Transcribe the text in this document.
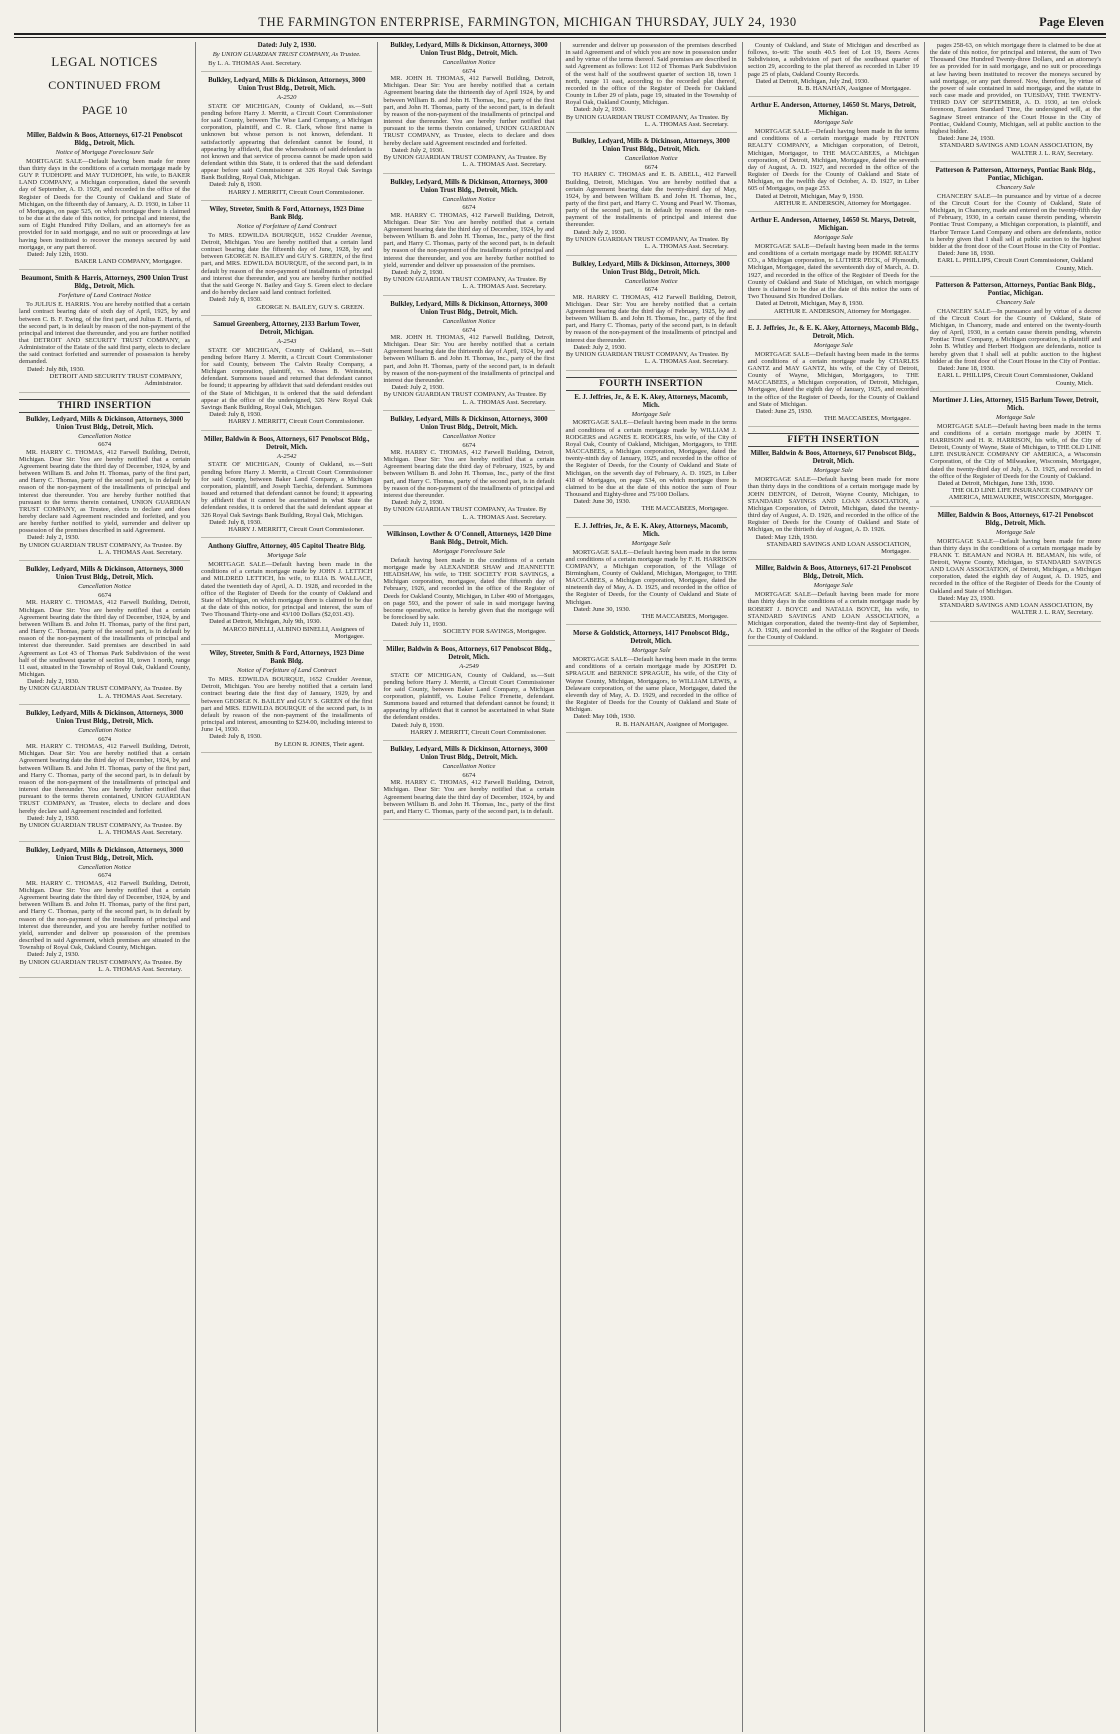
THE FARMINGTON ENTERPRISE, FARMINGTON, MICHIGAN THURSDAY, JULY 24, 1930	Page Eleven
LEGAL NOTICES
CONTINUED FROM
PAGE 10
Miller, Baldwin & Boos, Attorneys, 617-21 Penobscot Bldg., Detroit, Mich.
Notice of Mortgage Foreclosure Sale

MORTGAGE SALE—Default having been made for more than thirty days in the conditions of a certain mortgage made by GUY P. TUDHOPE and MAY TUDHOPE, his wife, to BAKER LAND COMPANY, a Michigan corporation, dated the seventh day of September, A. D. 1929, and recorded in the office of the Register of Deeds for the County of Oakland and State of Michigan, on the fifteenth day of January, A. D. 1930, in Liber 11 of Mortgages, on page 525, on which mortgage there is claimed to be due at the date of this notice, for principal and interest, the sum of Eight Hundred Fifty Dollars, and an attorney's fee as provided for in said mortgage, and no suit or proceedings at law having been instituted to recover the moneys secured by said mortgage, or any part thereof.

Dated: July 12th, 1930.
BAKER LAND COMPANY, Mortgagee.
Beaumont, Smith & Harris, Attorneys, 2900 Union Trust Bldg., Detroit, Mich.
Forfeiture of Land Contract Notice

To JULIUS E. HARRIS. You are hereby notified that a certain land contract bearing date of sixth day of April, 1925, by and between C. B. F. Ewing, of the first part, and Julius E. Harris, of the second part, is in default by reason of the non-payment of the principal and interest due thereunder, and you are further notified that DETROIT AND SECURITY TRUST COMPANY, as Administrator of the Estate of the said first party, elects to declare the said contract forfeited and surrender of possession is hereby demanded.

Dated: July 8th, 1930.
DETROIT AND SECURITY TRUST COMPANY, Administrator.
THIRD INSERTION
Bulkley, Ledyard, Mills & Dickinson, Attorneys, 3000 Union Trust Bldg., Detroit, Mich.
Cancellation Notice
6674

MR. HARRY C. THOMAS, 412 Farwell Building, Detroit, Michigan. Dear Sir: You are hereby notified that a certain Agreement bearing date the third day of December, 1924, by and between William B. and John H. Thomas, party of the first part, and Harry C. Thomas, party of the second part, is in default by reason of the non-payment of the installments of principal and interest due thereunder. You are hereby further notified that pursuant to the terms therein contained, UNION GUARDIAN TRUST COMPANY, as Trustee, elects to declare and does hereby declare said Agreement rescinded and forfeited, and you are hereby further notified to yield, surrender and deliver up possession of the premises described in said Agreement.

Dated: July 2, 1930.
By UNION GUARDIAN TRUST COMPANY, As Trustee. By L. A. THOMAS Asst. Secretary.
Bulkley, Ledyard, Mills & Dickinson, Attorneys, 3000 Union Trust Bldg., Detroit, Mich.
Cancellation Notice
6674

MR. HARRY C. THOMAS, 412 Farwell Building, Detroit, Michigan. Dear Sir: You are hereby notified that a certain Agreement bearing date the third day of December, 1924, by and between William B. and John H. Thomas, party of the first part, and Harry C. Thomas, party of the second part, is in default by reason of the non-payment of the installments of principal and interest due thereunder. Said premises are described in said Agreement as Lot 43 of Thomas Park Subdivision of the west half of the southwest quarter of section 18, town 1 north, range 11 east, situated in the Township of Royal Oak, Oakland County, Michigan.

Dated: July 2, 1930.
By UNION GUARDIAN TRUST COMPANY, As Trustee. By L. A. THOMAS Asst. Secretary.
Bulkley, Ledyard, Mills & Dickinson, Attorneys, 3000 Union Trust Bldg., Detroit, Mich.
Cancellation Notice
6674

MR. HARRY C. THOMAS, 412 Farwell Building, Detroit, Michigan. Dear Sir: You are hereby notified that a certain Agreement bearing date the third day of December, 1924, by and between William B. and John H. Thomas, party of the first part, and Harry C. Thomas, party of the second part, is in default by reason of the non-payment of the installments of principal and interest due thereunder. You are hereby further notified that pursuant to the terms therein contained, UNION GUARDIAN TRUST COMPANY, as Trustee, elects to declare and does hereby declare said Agreement rescinded and forfeited.

Dated: July 2, 1930.
By UNION GUARDIAN TRUST COMPANY, As Trustee. By L. A. THOMAS Asst. Secretary.
Bulkley, Ledyard, Mills & Dickinson, Attorneys, 3000 Union Trust Bldg., Detroit, Mich.
Cancellation Notice
6674

MR. HARRY C. THOMAS, 412 Farwell Building, Detroit, Michigan. Dear Sir: You are hereby notified that a certain Agreement bearing date the third day of December, 1924, by and between William B. and John H. Thomas, party of the first part, and Harry C. Thomas, party of the second part, is in default by reason of the non-payment of the installments of principal and interest due thereunder, and you are hereby further notified to yield, surrender and deliver up possession of the premises described in said Agreement, which premises are situated in the Township of Royal Oak, Oakland County, Michigan.

Dated: July 2, 1930.
By UNION GUARDIAN TRUST COMPANY, As Trustee. By L. A. THOMAS Asst. Secretary.
Dated: July 2, 1930.
By UNION GUARDIAN TRUST COMPANY, As Trustee.

By L. A. THOMAS Asst. Secretary.

Bulkley, Ledyard, Mills & Dickinson, Attorneys, 3000 Union Trust Bldg., Detroit, Mich.
A-2520

STATE OF MICHIGAN, County of Oakland, ss.—Suit pending before Harry J. Merritt, a Circuit Court Commissioner for said County, between The Wise Land Company, a Michigan corporation, plaintiff, and C. R. Clark, whose first name is unknown but whose person is not known, defendant. It satisfactorily appearing that defendant cannot be found, it appearing by affidavit, that the whereabouts of said defendant is not known and that service of process cannot be made upon said defendant within this State, it is ordered that the said defendant appear before said Commissioner at 326 Royal Oak Savings Bank Building, Royal Oak, Michigan.

Dated: July 8, 1930.
HARRY J. MERRITT, Circuit Court Commissioner.
Wiley, Streeter, Smith & Ford, Attorneys, 1923 Dime Bank Bldg.
Notice of Forfeiture of Land Contract

To MRS. EDWILDA BOURQUE, 1652 Crudder Avenue, Detroit, Michigan. You are hereby notified that a certain land contract bearing date the fifteenth day of June, 1928, by and between GEORGE N. BAILEY and GUY S. GREEN, of the first part, and MRS. EDWILDA BOURQUE, of the second part, is in default by reason of the non-payment of installments of principal and interest due thereunder, and you are hereby further notified that the said George N. Bailey and Guy S. Green elect to declare and do hereby declare said land contract forfeited.

Dated: July 8, 1930.
GEORGE N. BAILEY, GUY S. GREEN.
Samuel Greenberg, Attorney, 2133 Barlum Tower, Detroit, Michigan.
A-2543

STATE OF MICHIGAN, County of Oakland, ss.—Suit pending before Harry J. Merritt, a Circuit Court Commissioner for said County, between The Calvin Realty Company, a Michigan corporation, plaintiff, vs. Moses B. Weinstein, defendant. Summons issued and returned that defendant cannot be found; it appearing by affidavit that said defendant resides out of the State of Michigan, it is ordered that the said defendant appear at the office of the undersigned, 326 New Royal Oak Savings Bank Building, Royal Oak, Michigan.

Dated: July 8, 1930.
HARRY J. MERRITT, Circuit Court Commissioner.
Miller, Baldwin & Boos, Attorneys, 617 Penobscot Bldg., Detroit, Mich.
A-2542

STATE OF MICHIGAN, County of Oakland, ss.—Suit pending before Harry J. Merritt, a Circuit Court Commissioner for said County, between Baker Land Company, a Michigan corporation, plaintiff, and Joseph Tarchia, defendant. Summons issued and returned that defendant cannot be found; it appearing by affidavit that it cannot be ascertained in what State the defendant resides, it is ordered that the said defendant appear at 326 Royal Oak Savings Bank Building, Royal Oak, Michigan.

Dated: July 8, 1930.
HARRY J. MERRITT, Circuit Court Commissioner.
Anthony Giuffre, Attorney, 405 Capitol Theatre Bldg.
Mortgage Sale

MORTGAGE SALE—Default having been made in the conditions of a certain mortgage made by JOHN J. LETTICH and MILDRED LETTICH, his wife, to ELIA B. WALLACE, dated the twentieth day of April, A. D. 1928, and recorded in the office of the Register of Deeds for the county of Oakland and State of Michigan, on which mortgage there is claimed to be due at the date of this notice, for principal and interest, the sum of Two Thousand Thirty-one and 43/100 Dollars ($2,031.43).

Dated at Detroit, Michigan, July 9th, 1930.
MARCO BINELLI, ALBINO BINELLI, Assignees of Mortgagee.
Wiley, Streeter, Smith & Ford, Attorneys, 1923 Dime Bank Bldg.
Notice of Forfeiture of Land Contract

To MRS. EDWILDA BOURQUE, 1652 Crudder Avenue, Detroit, Michigan. You are hereby notified that a certain land contract bearing date the first day of January, 1929, by and between GEORGE N. BAILEY and GUY S. GREEN of the first part and MRS. EDWILDA BOURQUE of the second part, is in default by reason of the non-payment of the installments of principal and interest, amounting to $234.00, including interest to June 14, 1930.

Dated: July 8, 1930.
By LEON R. JONES, Their agent.
Bulkley, Ledyard, Mills & Dickinson, Attorneys, 3000 Union Trust Bldg., Detroit, Mich.
Cancellation Notice
6674

MR. JOHN H. THOMAS, 412 Farwell Building, Detroit, Michigan. Dear Sir: You are hereby notified that a certain Agreement bearing date the thirteenth day of April 1924, by and between William B. and John H. Thomas, Inc., party of the first part, and John H. Thomas, party of the second part, is in default by reason of the non-payment of the installments of principal and interest due thereunder. You are hereby further notified that pursuant to the terms therein contained, UNION GUARDIAN TRUST COMPANY, as Trustee, elects to declare and does hereby declare said Agreement rescinded and forfeited.

Dated: July 2, 1930.
By UNION GUARDIAN TRUST COMPANY, As Trustee. By L. A. THOMAS Asst. Secretary.
Bulkley, Ledyard, Mills & Dickinson, Attorneys, 3000 Union Trust Bldg., Detroit, Mich.
Cancellation Notice
6674

MR. HARRY C. THOMAS, 412 Farwell Building, Detroit, Michigan. Dear Sir: You are hereby notified that a certain Agreement bearing date the third day of December, 1924, by and between William B. and John H. Thomas, Inc., party of the first part, and Harry C. Thomas, party of the second part, is in default by reason of the non-payment of the installments of principal and interest due thereunder, and you are hereby further notified to yield, surrender and deliver up possession of the premises.

Dated: July 2, 1930.
By UNION GUARDIAN TRUST COMPANY, As Trustee. By L. A. THOMAS Asst. Secretary.
Bulkley, Ledyard, Mills & Dickinson, Attorneys, 3000 Union Trust Bldg., Detroit, Mich.
Cancellation Notice
6674

MR. JOHN H. THOMAS, 412 Farwell Building, Detroit, Michigan. Dear Sir: You are hereby notified that a certain Agreement bearing date the thirteenth day of April, 1924, by and between William B. and John H. Thomas, Inc., party of the first part, and John H. Thomas, party of the second part, is in default by reason of the non-payment of the installments of principal and interest due thereunder.

Dated: July 2, 1930.
By UNION GUARDIAN TRUST COMPANY, As Trustee. By L. A. THOMAS Asst. Secretary.
Bulkley, Ledyard, Mills & Dickinson, Attorneys, 3000 Union Trust Bldg., Detroit, Mich.
Cancellation Notice
6674

MR. HARRY C. THOMAS, 412 Farwell Building, Detroit, Michigan. Dear Sir: You are hereby notified that a certain Agreement bearing date the third day of February, 1925, by and between William B. and John H. Thomas, Inc., party of the first part, and Harry C. Thomas, party of the second part, is in default by reason of the non-payment of the installments of principal and interest due thereunder.

Dated: July 2, 1930.
By UNION GUARDIAN TRUST COMPANY, As Trustee. By L. A. THOMAS Asst. Secretary.
Wilkinson, Lowther & O'Connell, Attorneys, 1420 Dime Bank Bldg., Detroit, Mich.
Mortgage Foreclosure Sale

Default having been made in the conditions of a certain mortgage made by ALEXANDER SHAW and JEANNETTE HEADSHAW, his wife, to THE SOCIETY FOR SAVINGS, a Michigan corporation, mortgagee, dated the fifteenth day of February, 1926, and recorded in the office of the Register of Deeds for Oakland County, Michigan, in Liber 490 of Mortgages, on page 593, and the power of sale in said mortgage having become operative, notice is hereby given that the mortgage will be foreclosed by sale.

Dated: July 11, 1930.
SOCIETY FOR SAVINGS, Mortgagee.
Miller, Baldwin & Boos, Attorneys, 617 Penobscot Bldg., Detroit, Mich.
A-2549

STATE OF MICHIGAN, County of Oakland, ss.—Suit pending before Harry J. Merritt, a Circuit Court Commissioner for said County, between Baker Land Company, a Michigan corporation, plaintiff, vs. Louise Felice Frenette, defendant. Summons issued and returned that defendant cannot be found; it appearing by affidavit that it cannot be ascertained in what State the defendant resides.

Dated: July 8, 1930.
HARRY J. MERRITT, Circuit Court Commissioner.
Bulkley, Ledyard, Mills & Dickinson, Attorneys, 3000 Union Trust Bldg., Detroit, Mich.
Cancellation Notice
6674

MR. HARRY C. THOMAS, 412 Farwell Building, Detroit, Michigan. Dear Sir: You are hereby notified that a certain Agreement bearing date the third day of December, 1924, by and between William B. and John H. Thomas, Inc., party of the first part, and Harry C. Thomas, party of the second part, is in default.

surrender and deliver up possession of the premises described in said Agreement and of which you are now in possession under and by virtue of the terms thereof. Said premises are described in said Agreement as follows: Lot 112 of Thomas Park Subdivision of the west half of the southwest quarter of section 18, town 1 north, range 11 east, according to the recorded plat thereof, recorded in the office of the Register of Deeds for Oakland County in Liber 29 of plats, page 19, situated in the Township of Royal Oak, Oakland County, Michigan.

Dated: July 2, 1930.
By UNION GUARDIAN TRUST COMPANY, As Trustee. By L. A. THOMAS Asst. Secretary.
Bulkley, Ledyard, Mills & Dickinson, Attorneys, 3000 Union Trust Bldg., Detroit, Mich.
Cancellation Notice
6674

TO HARRY C. THOMAS and E. B. ABELL, 412 Farwell Building, Detroit, Michigan. You are hereby notified that a certain Agreement bearing date the twenty-third day of May, 1924, by and between William B. and John H. Thomas, Inc., party of the first part, and Harry C. Young and Pearl W. Thomas, party of the second part, is in default by reason of the non-payment of the installments of principal and interest due thereunder.

Dated: July 2, 1930.
By UNION GUARDIAN TRUST COMPANY, As Trustee. By L. A. THOMAS Asst. Secretary.
Bulkley, Ledyard, Mills & Dickinson, Attorneys, 3000 Union Trust Bldg., Detroit, Mich.
Cancellation Notice
6674

MR. HARRY C. THOMAS, 412 Farwell Building, Detroit, Michigan. Dear Sir: You are hereby notified that a certain Agreement bearing date the third day of February, 1925, by and between William B. and John H. Thomas, Inc., party of the first part, and Harry C. Thomas, party of the second part, is in default by reason of the non-payment of the installments of principal and interest due thereunder.

Dated: July 2, 1930.
By UNION GUARDIAN TRUST COMPANY, As Trustee. By L. A. THOMAS Asst. Secretary.
FOURTH INSERTION
E. J. Jeffries, Jr., & E. K. Akey, Attorneys, Macomb, Mich.
Mortgage Sale

MORTGAGE SALE—Default having been made in the terms and conditions of a certain mortgage made by WILLIAM J. RODGERS and AGNES E. RODGERS, his wife, of the City of Royal Oak, County of Oakland, Michigan, Mortgagors, to THE MACCABEES, a Michigan corporation, Mortgagee, dated the twenty-ninth day of January, 1925, and recorded in the office of the Register of Deeds, for the County of Oakland and State of Michigan, on the seventh day of February, A. D. 1925, in Liber 418 of Mortgages, on page 534, on which mortgage there is claimed to be due at the date of this notice the sum of Four Thousand and Eighty-three and 75/100 Dollars.

Dated: June 30, 1930.
THE MACCABEES, Mortgagee.
E. J. Jeffries, Jr., & E. K. Akey, Attorneys, Macomb, Mich.
Mortgage Sale

MORTGAGE SALE—Default having been made in the terms and conditions of a certain mortgage made by F. H. HARRISON COMPANY, a Michigan corporation, of the Village of Birmingham, County of Oakland, Michigan, Mortgagor, to THE MACCABEES, a Michigan corporation, Mortgagee, dated the nineteenth day of May, A. D. 1925, and recorded in the office of the Register of Deeds, for the County of Oakland and State of Michigan.

Dated: June 30, 1930.
THE MACCABEES, Mortgagee.
Morse & Goldstick, Attorneys, 1417 Penobscot Bldg., Detroit, Mich.
Mortgage Sale

MORTGAGE SALE—Default having been made in the terms and conditions of a certain mortgage made by JOSEPH D. SPRAGUE and BERNICE SPRAGUE, his wife, of the City of Wayne County, Michigan, Mortgagors, to WILLIAM LEWIS, a Delaware corporation, of the same place, Mortgagee, dated the eleventh day of May, A. D. 1929, and recorded in the office of the Register of Deeds for the County of Oakland and State of Michigan.

Dated: May 10th, 1930.
R. B. HANAHAN, Assignee of Mortgagee.

County of Oakland, and State of Michigan and described as follows, to-wit: The south 40.5 feet of Lot 19, Beers Acres Subdivision, a subdivision of part of the southeast quarter of section 29, according to the plat thereof as recorded in Liber 19 page 25 of plats, Oakland County Records.

Dated at Detroit, Michigan, July 2nd, 1930.
R. B. HANAHAN, Assignee of Mortgagee.
Arthur E. Anderson, Attorney, 14650 St. Marys, Detroit, Michigan.
Mortgage Sale

MORTGAGE SALE—Default having been made in the terms and conditions of a certain mortgage made by FENTON REALTY COMPANY, a Michigan corporation, of Detroit, Michigan, Mortgagor, to THE MACCABEES, a Michigan corporation, of Detroit, Michigan, Mortgagee, dated the seventh day of August, A. D. 1927, and recorded in the office of the Register of Deeds for the County of Oakland and State of Michigan, on the twelfth day of October, A. D. 1927, in Liber 605 of Mortgages, on page 253.

Dated at Detroit, Michigan, May 9, 1930.
ARTHUR E. ANDERSON, Attorney for Mortgagee.
Arthur E. Anderson, Attorney, 14650 St. Marys, Detroit, Michigan.
Mortgage Sale

MORTGAGE SALE—Default having been made in the terms and conditions of a certain mortgage made by HOME REALTY CO., a Michigan corporation, to LUTHER PECK, of Plymouth, Michigan, Mortgagee, dated the seventeenth day of March, A. D. 1927, and recorded in the office of the Register of Deeds for the County of Oakland and State of Michigan, on which mortgage there is claimed to be due at the date of this notice the sum of Two Thousand Six Hundred Dollars.

Dated at Detroit, Michigan, May 8, 1930.
ARTHUR E. ANDERSON, Attorney for Mortgagee.
E. J. Jeffries, Jr., & E. K. Akey, Attorneys, Macomb Bldg., Detroit, Mich.
Mortgage Sale

MORTGAGE SALE—Default having been made in the terms and conditions of a certain mortgage made by CHARLES GANTZ and MAY GANTZ, his wife, of the City of Detroit, County of Wayne, Michigan, Mortgagors, to THE MACCABEES, a Michigan corporation, of Detroit, Michigan, Mortgagee, dated the eighth day of January, 1925, and recorded in the office of the Register of Deeds, for the County of Oakland and State of Michigan.

Dated: June 25, 1930.
THE MACCABEES, Mortgagee.
FIFTH INSERTION
Miller, Baldwin & Boos, Attorneys, 617 Penobscot Bldg., Detroit, Mich.
Mortgage Sale

MORTGAGE SALE—Default having been made for more than thirty days in the conditions of a certain mortgage made by JOHN DENTON, of Detroit, Wayne County, Michigan, to STANDARD SAVINGS AND LOAN ASSOCIATION, a Michigan Corporation, of Detroit, Michigan, dated the twenty-third day of August, A. D. 1926, and recorded in the office of the Register of Deeds for the County of Oakland and State of Michigan, on the thirtieth day of August, A. D. 1926.

Dated: May 12th, 1930.
STANDARD SAVINGS AND LOAN ASSOCIATION, Mortgagee.
Miller, Baldwin & Boos, Attorneys, 617-21 Penobscot Bldg., Detroit, Mich.
Mortgage Sale

MORTGAGE SALE—Default having been made for more than thirty days in the conditions of a certain mortgage made by ROBERT J. BOYCE and NATALIA BOYCE, his wife, to STANDARD SAVINGS AND LOAN ASSOCIATION, a Michigan corporation, dated the twenty-first day of September, A. D. 1926, and recorded in the office of the Register of Deeds for the County of Oakland.

pages 258-63, on which mortgage there is claimed to be due at the date of this notice, for principal and interest, the sum of Two Thousand One Hundred Twenty-three Dollars, and an attorney's fee as provided for in said mortgage, and no suit or proceedings at law having been instituted to recover the moneys secured by said mortgage, or any part thereof. Now, therefore, by virtue of the power of sale contained in said mortgage, and the statute in such case made and provided, on TUESDAY, THE TWENTY-THIRD DAY OF SEPTEMBER, A. D. 1930, at ten o'clock forenoon, Eastern Standard Time, the undersigned will, at the Saginaw Street entrance of the Court House in the City of Pontiac, Oakland County, Michigan, sell at public auction to the highest bidder.

Dated: June 24, 1930.
STANDARD SAVINGS AND LOAN ASSOCIATION, By WALTER J. L. RAY, Secretary.
Patterson & Patterson, Attorneys, Pontiac Bank Bldg., Pontiac, Michigan.
Chancery Sale

CHANCERY SALE—In pursuance and by virtue of a decree of the Circuit Court for the County of Oakland, State of Michigan, in Chancery, made and entered on the twenty-fifth day of February, 1930, in a certain cause therein pending, wherein Pontiac Trust Company, a Michigan corporation, is plaintiff, and Harbor Terrace Land Company and others are defendants, notice is hereby given that I shall sell at public auction to the highest bidder at the front door of the Court House in the City of Pontiac.

Dated: June 18, 1930.
EARL L. PHILLIPS, Circuit Court Commissioner, Oakland County, Mich.
Patterson & Patterson, Attorneys, Pontiac Bank Bldg., Pontiac, Michigan.
Chancery Sale

CHANCERY SALE—In pursuance and by virtue of a decree of the Circuit Court for the County of Oakland, State of Michigan, in Chancery, made and entered on the twenty-fourth day of April, 1930, in a certain cause therein pending, wherein Pontiac Trust Company, a Michigan corporation, is plaintiff and John B. Whitley and Herbert Hodgson are defendants, notice is hereby given that I shall sell at public auction to the highest bidder at the front door of the Court House in the City of Pontiac.

Dated: June 18, 1930.
EARL L. PHILLIPS, Circuit Court Commissioner, Oakland County, Mich.
Mortimer J. Lies, Attorney, 1515 Barlum Tower, Detroit, Mich.
Mortgage Sale

MORTGAGE SALE—Default having been made in the terms and conditions of a certain mortgage made by JOHN T. HARRISON and H. R. HARRISON, his wife, of the City of Detroit, County of Wayne, State of Michigan, to THE OLD LINE LIFE INSURANCE COMPANY OF AMERICA, a Wisconsin Corporation, of the City of Milwaukee, Wisconsin, Mortgagee, dated the twenty-third day of July, A. D. 1925, and recorded in the office of the Register of Deeds for the County of Oakland.

Dated at Detroit, Michigan, June 13th, 1930.
THE OLD LINE LIFE INSURANCE COMPANY OF AMERICA, MILWAUKEE, WISCONSIN, Mortgagee.
Miller, Baldwin & Boos, Attorneys, 617-21 Penobscot Bldg., Detroit, Mich.
Mortgage Sale

MORTGAGE SALE—Default having been made for more than thirty days in the conditions of a certain mortgage made by FRANK T. BEAMAN and NORA H. BEAMAN, his wife, of Detroit, Wayne County, Michigan, to STANDARD SAVINGS AND LOAN ASSOCIATION, of Detroit, Michigan, a Michigan corporation, dated the eighth day of August, A. D. 1925, and recorded in the office of the Register of Deeds for the County of Oakland and State of Michigan.

Dated: May 23, 1930.
STANDARD SAVINGS AND LOAN ASSOCIATION, By WALTER J. L. RAY, Secretary.
